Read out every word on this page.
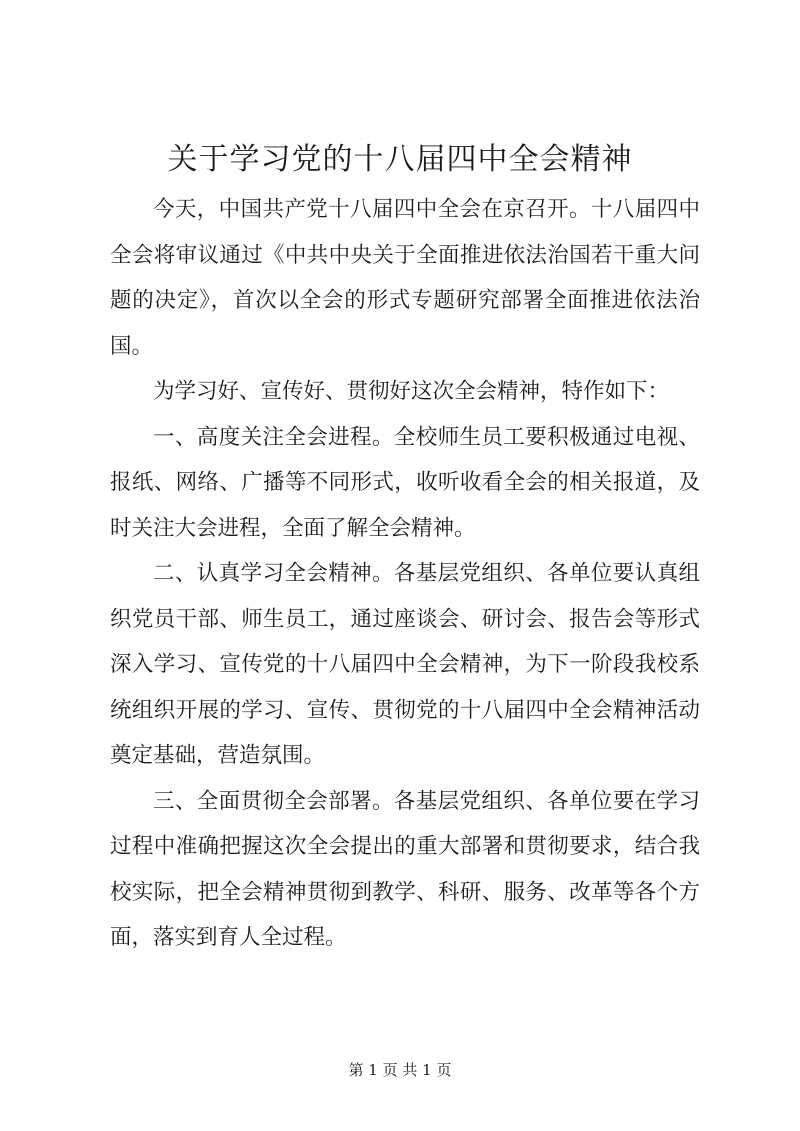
关于学习党的十八届四中全会精神

今天，中国共产党十八届四中全会在京召开。十八届四中全会将审议通过《中共中央关于全面推进依法治国若干重大问题的决定》，首次以全会的形式专题研究部署全面推进依法治国。

为学习好、宣传好、贯彻好这次全会精神，特作如下：

一、高度关注全会进程。全校师生员工要积极通过电视、报纸、网络、广播等不同形式，收听收看全会的相关报道，及时关注大会进程，全面了解全会精神。

二、认真学习全会精神。各基层党组织、各单位要认真组织党员干部、师生员工，通过座谈会、研讨会、报告会等形式深入学习、宣传党的十八届四中全会精神，为下一阶段我校系统组织开展的学习、宣传、贯彻党的十八届四中全会精神活动奠定基础，营造氛围。

三、全面贯彻全会部署。各基层党组织、各单位要在学习过程中准确把握这次全会提出的重大部署和贯彻要求，结合我校实际，把全会精神贯彻到教学、科研、服务、改革等各个方面，落实到育人全过程。

第 1 页 共 1 页
